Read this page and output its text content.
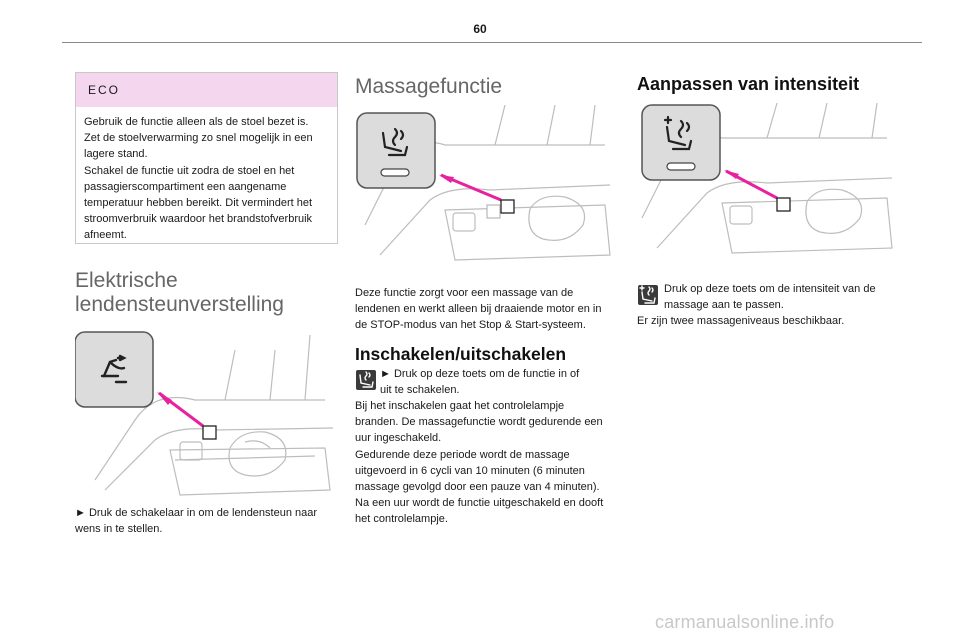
60
ECO
Gebruik de functie alleen als de stoel bezet is.
Zet de stoelverwarming zo snel mogelijk in een
lagere stand.
Schakel de functie uit zodra de stoel en het
passagierscompartiment een aangename
temperatuur hebben bereikt. Dit vermindert het
stroomverbruik waardoor het brandstofverbruik
afneemt.
Elektrische
lendensteunverstelling
► Druk de schakelaar in om de lendensteun naar
wens in te stellen.
Massagefunctie
Deze functie zorgt voor een massage van de
lendenen en werkt alleen bij draaiende motor en in
de STOP-modus van het Stop & Start-systeem.
Inschakelen/uitschakelen
► Druk op deze toets om de functie in of
uit te schakelen.
Bij het inschakelen gaat het controlelampje
branden. De massagefunctie wordt gedurende een
uur ingeschakeld.
Gedurende deze periode wordt de massage
uitgevoerd in 6 cycli van 10 minuten (6 minuten
massage gevolgd door een pauze van 4 minuten).
Na een uur wordt de functie uitgeschakeld en dooft
het controlelampje.
Aanpassen van intensiteit
Druk op deze toets om de intensiteit van de
massage aan te passen.
Er zijn twee massageniveaus beschikbaar.
carmanualsonline.info
